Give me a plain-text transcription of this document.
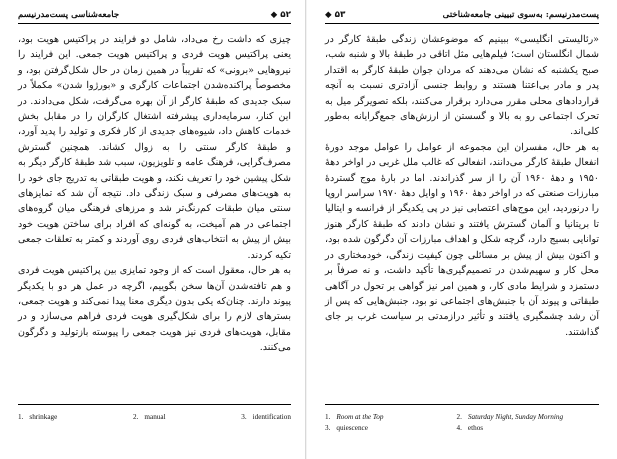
جامعه‌شناسی پست‌مدرنیسم	◆ ۵۲

چیزی که داشت رخ می‌داد، شامل دو فرایند در پراکتیس هویت بود، یعنی پراکتیس هویت فردی و پراکتیس هویت جمعی. این فرایند را نیروهایی «برونی» که تقریباً در همین زمان در حال شکل‌گرفتن بود، و مخصوصاً پراکنده‌شدن اجتماعات کارگری و «بورژوا شدن» مکملاً در سبک جدیدی که طبقهٔ کارگر از آن بهره می‌گرفت، شکل می‌دادند. در این کنار، سرمایه‌داری پیشرفته اشتغال کارگران را در مقابل بخش خدمات کاهش داد، شیوه‌های جدیدی از کار فکری و تولید را پدید آورد، و طبقهٔ کارگر سنتی را به زوال کشاند. همچنین گسترش مصرف‌گرایی، فرهنگ عامه و تلویزیون، سبب شد طبقهٔ کارگر دیگر به شکل پیشین خود را تعریف نکند، و هویت طبقاتی به تدریج جای خود را به هویت‌های مصرفی و سبک زندگی داد. نتیجه آن شد که تمایزهای سنتی میان طبقات کم‌رنگ‌تر شد و مرزهای فرهنگی میان گروه‌های اجتماعی در هم آمیخت، به گونه‌ای که افراد برای ساختن هویت خود بیش از پیش به انتخاب‌های فردی روی آوردند و کمتر به تعلقات جمعی تکیه کردند.

به هر حال، معقول است که از وجود تمایزی بین پراکتیس هویت فردی و هم تافته‌شدن آن‌ها سخن بگوییم، اگرچه در عمل هر دو با یکدیگر پیوند دارند. چنان‌که یکی بدون دیگری معنا پیدا نمی‌کند و هویت جمعی، بسترهای لازم را برای شکل‌گیری هویت فردی فراهم می‌سازد و در مقابل، هویت‌های فردی نیز هویت جمعی را پیوسته بازتولید و دگرگون می‌کنند.

1. shrinkage	2. manual	3. identification
◆ ۵۳	پست‌مدرنیسم: به‌سوی تبیینی جامعه‌شناختی

«رئالیستی انگلیسی» ببینیم که موضوعشان زندگی طبقهٔ کارگر در شمال انگلستان است؛ فیلم‌هایی مثل اتاقی در طبقهٔ بالا و شنبه شب، صبح یکشنبه که نشان می‌دهند که مردان جوان طبقهٔ کارگر به اقتدار پدر و مادر بی‌اعتنا هستند و روابط جنسی آزادتری نسبت به آنچه قراردادهای محلی مقرر می‌دارد برقرار می‌کنند، بلکه تصویرگر میل به تحرک اجتماعی رو به بالا و گسستن از ارزش‌های جمع‌گرایانه به‌طور کلی‌اند.

به هر حال، مفسران این مجموعه از عوامل را عوامل موجد دورهٔ انفعال طبقهٔ کارگر می‌دانند، انفعالی که غالب ملل غربی در اواخر دههٔ ۱۹۵۰ و دههٔ ۱۹۶۰ آن را از سر گذراندند. اما در بارهٔ موج گستردهٔ مبارزات صنعتی که در اواخر دههٔ ۱۹۶۰ و اوایل دههٔ ۱۹۷۰ سراسر اروپا را درنوردید، این موج‌های اعتصابی نیز در پی یکدیگر از فرانسه و ایتالیا تا بریتانیا و آلمان گسترش یافتند و نشان دادند که طبقهٔ کارگر هنوز توانایی بسیج دارد، گرچه شکل و اهداف مبارزات آن دگرگون شده بود، و اکنون بیش از پیش بر مسائلی چون کیفیت زندگی، خودمختاری در محل کار و سهیم‌شدن در تصمیم‌گیری‌ها تأکید داشت، و نه صرفاً بر دستمزد و شرایط مادی کار، و همین امر نیز گواهی بر تحول در آگاهی طبقاتی و پیوند آن با جنبش‌های اجتماعی نو بود، جنبش‌هایی که پس از آن رشد چشمگیری یافتند و تأثیر درازمدتی بر سیاست غرب بر جای گذاشتند.

1. Room at the Top	2. Saturday Night, Sunday Morning
3. quiescence	4. ethos
